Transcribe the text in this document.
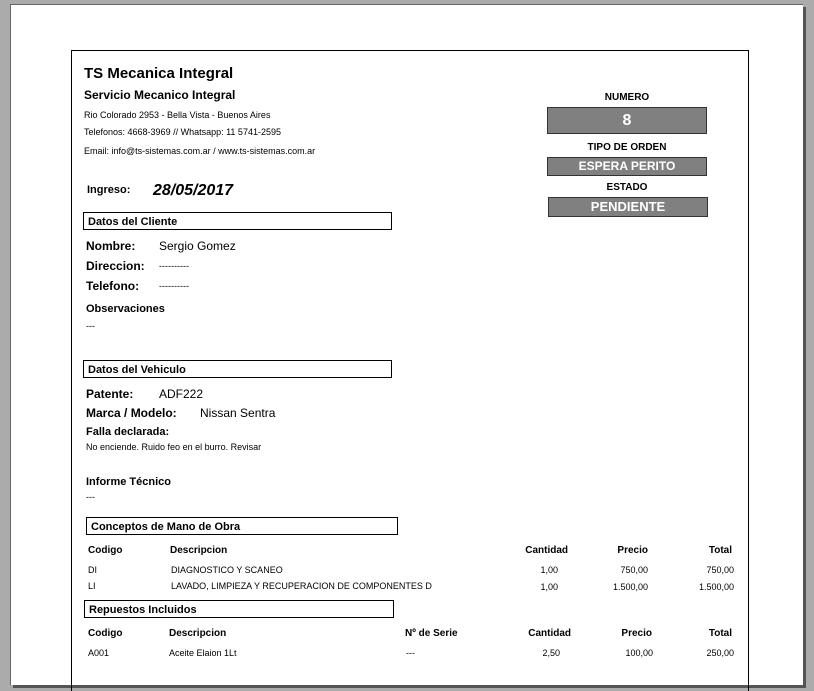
TS Mecanica Integral
Servicio Mecanico Integral
Rio Colorado 2953 - Bella Vista - Buenos Aires
Telefonos: 4668-3969 // Whatsapp: 11 5741-2595
Email: info@ts-sistemas.com.ar / www.ts-sistemas.com.ar
NUMERO
8
TIPO DE ORDEN
ESPERA PERITO
ESTADO
PENDIENTE
Ingreso: 28/05/2017
Datos del Cliente
Nombre: Sergio Gomez
Direccion: ----------
Telefono: ----------
Observaciones
---
Datos del Vehiculo
Patente: ADF222
Marca / Modelo: Nissan Sentra
Falla declarada:
No enciende. Ruido feo en el burro. Revisar
Informe Técnico
---
Conceptos de Mano de Obra
Codigo	Descripcion	Cantidad	Precio	Total
DI	DIAGNOSTICO Y SCANEO	1,00	750,00	750,00
LI	LAVADO, LIMPIEZA Y RECUPERACION DE COMPONENTES D	1,00	1.500,00	1.500,00
Repuestos Incluidos
Codigo	Descripcion	Nº de Serie	Cantidad	Precio	Total
A001	Aceite Elaion 1Lt	---	2,50	100,00	250,00
